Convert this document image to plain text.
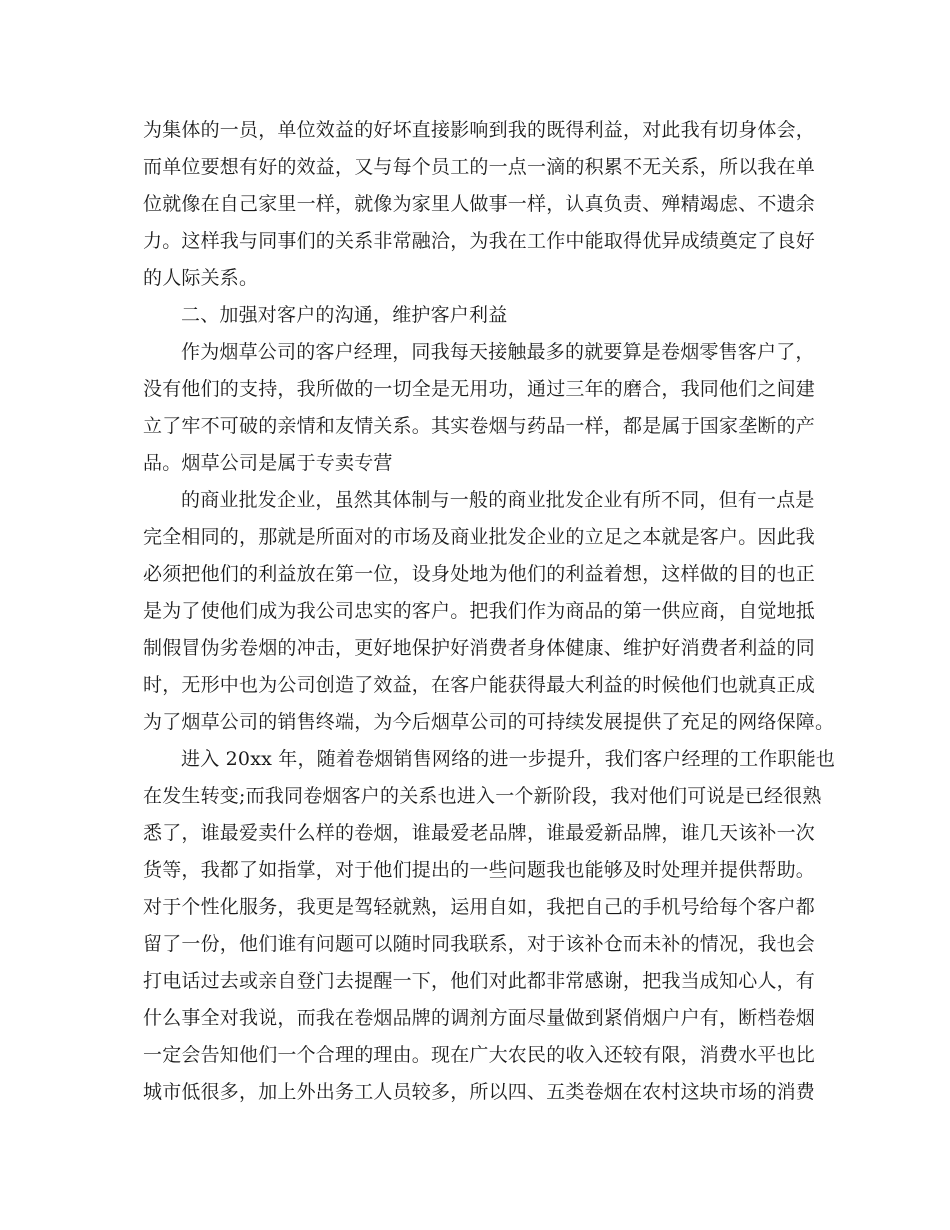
为集体的一员，单位效益的好坏直接影响到我的既得利益，对此我有切身体会，
而单位要想有好的效益，又与每个员工的一点一滴的积累不无关系，所以我在单
位就像在自己家里一样，就像为家里人做事一样，认真负责、殚精竭虑、不遗余
力。这样我与同事们的关系非常融洽，为我在工作中能取得优异成绩奠定了良好
的人际关系。
二、加强对客户的沟通，维护客户利益
作为烟草公司的客户经理，同我每天接触最多的就要算是卷烟零售客户了，
没有他们的支持，我所做的一切全是无用功，通过三年的磨合，我同他们之间建
立了牢不可破的亲情和友情关系。其实卷烟与药品一样，都是属于国家垄断的产
品。烟草公司是属于专卖专营
的商业批发企业，虽然其体制与一般的商业批发企业有所不同，但有一点是
完全相同的，那就是所面对的市场及商业批发企业的立足之本就是客户。因此我
必须把他们的利益放在第一位，设身处地为他们的利益着想，这样做的目的也正
是为了使他们成为我公司忠实的客户。把我们作为商品的第一供应商，自觉地抵
制假冒伪劣卷烟的冲击，更好地保护好消费者身体健康、维护好消费者利益的同
时，无形中也为公司创造了效益，在客户能获得最大利益的时候他们也就真正成
为了烟草公司的销售终端，为今后烟草公司的可持续发展提供了充足的网络保障。
进入 20xx 年，随着卷烟销售网络的进一步提升，我们客户经理的工作职能也
在发生转变;而我同卷烟客户的关系也进入一个新阶段，我对他们可说是已经很熟
悉了，谁最爱卖什么样的卷烟，谁最爱老品牌，谁最爱新品牌，谁几天该补一次
货等，我都了如指掌，对于他们提出的一些问题我也能够及时处理并提供帮助。
对于个性化服务，我更是驾轻就熟，运用自如，我把自己的手机号给每个客户都
留了一份，他们谁有问题可以随时同我联系，对于该补仓而未补的情况，我也会
打电话过去或亲自登门去提醒一下，他们对此都非常感谢，把我当成知心人，有
什么事全对我说，而我在卷烟品牌的调剂方面尽量做到紧俏烟户户有，断档卷烟
一定会告知他们一个合理的理由。现在广大农民的收入还较有限，消费水平也比
城市低很多，加上外出务工人员较多，所以四、五类卷烟在农村这块市场的消费
